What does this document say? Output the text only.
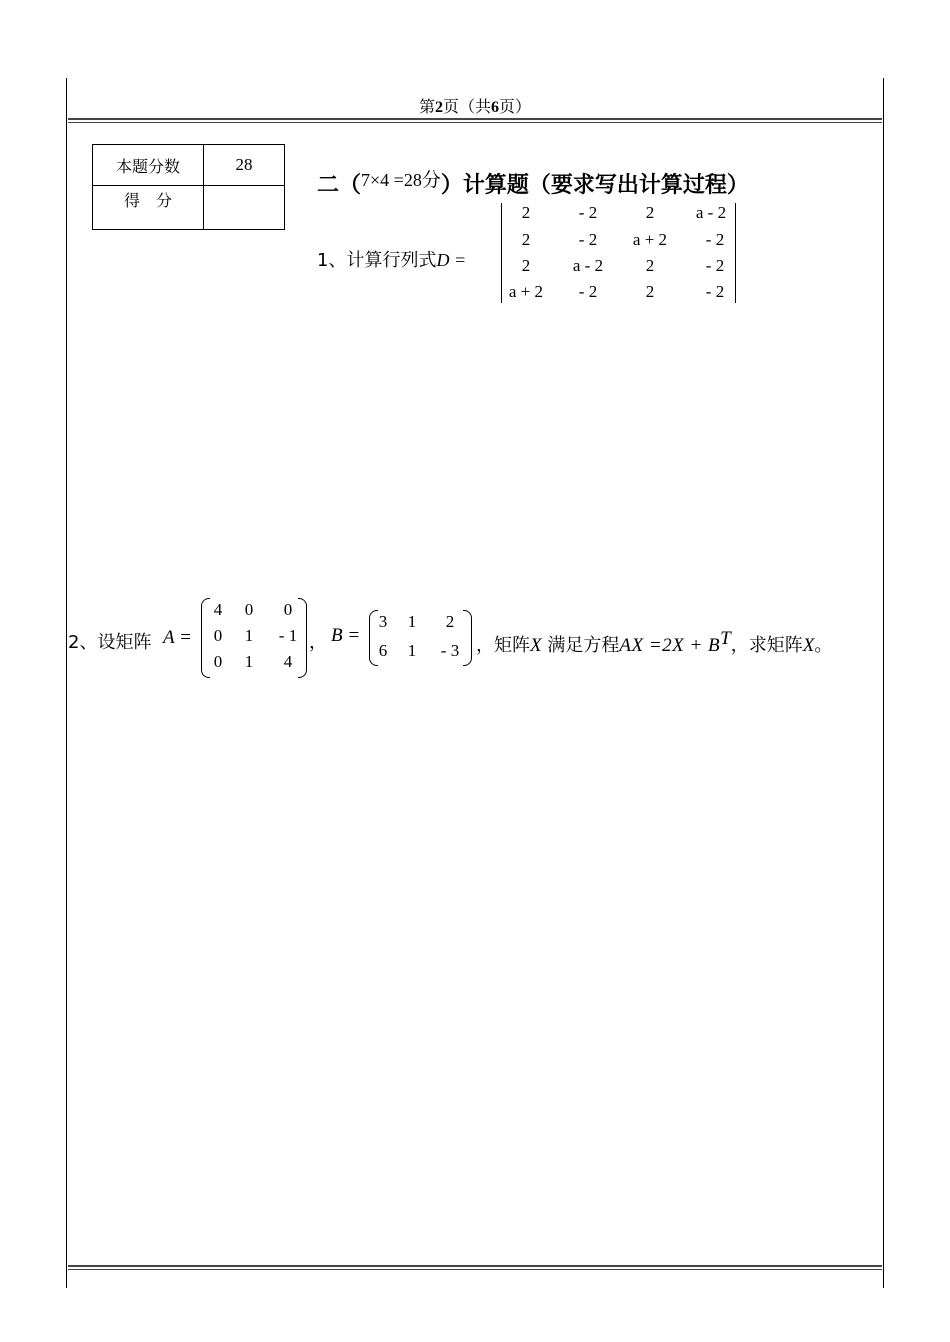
第2页（共6页）
本题分数	28
得　分	
二（$^{7\times 4 =28}$分）计算题（要求写出计算过程）
1、计算行列式D =
2	- 2	2	a - 2
2	- 2	a + 2	- 2
2	a - 2	2	- 2
a + 2	- 2	2	- 2
2、设矩阵 A =
4	0	0
0	1	- 1
0	1	4
， B =
3	1	2
6	1	- 3 ，矩阵X 满足方程AX $=2X + B^T$，求矩阵X。
